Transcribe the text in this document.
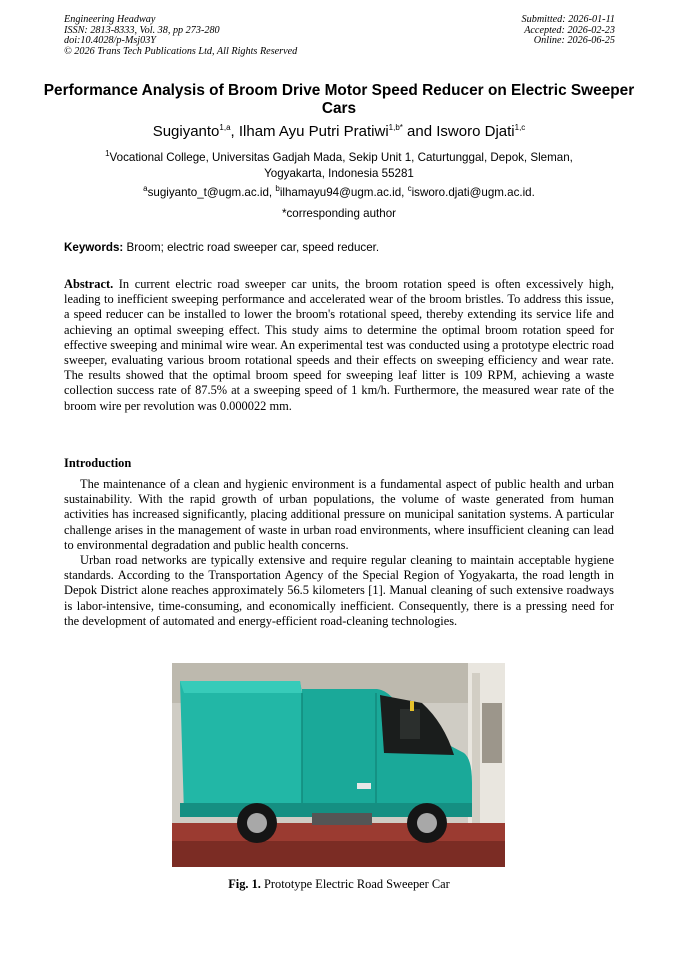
Engineering Headway
ISSN: 2813-8333, Vol. 38, pp 273-280
doi:10.4028/p-Msj03Y
© 2026 Trans Tech Publications Ltd, All Rights Reserved
Submitted: 2026-01-11
Accepted: 2026-02-23
Online: 2026-06-25
Performance Analysis of Broom Drive Motor Speed Reducer on Electric Sweeper Cars
Sugiyanto$^{1,a}$, Ilham Ayu Putri Pratiwi$^{1,b*}$ and Isworo Djati$^{1,c}$
$^1$Vocational College, Universitas Gadjah Mada, Sekip Unit 1, Caturtunggal, Depok, Sleman, Yogyakarta, Indonesia 55281
$^a$sugiyanto_t@ugm.ac.id, $^b$ilhamayu94@ugm.ac.id, $^c$isworo.djati@ugm.ac.id.
*corresponding author
Keywords: Broom; electric road sweeper car, speed reducer.
Abstract. In current electric road sweeper car units, the broom rotation speed is often excessively high, leading to inefficient sweeping performance and accelerated wear of the broom bristles. To address this issue, a speed reducer can be installed to lower the broom's rotational speed, thereby extending its service life and achieving an optimal sweeping effect. This study aims to determine the optimal broom rotation speed for effective sweeping and minimal wire wear. An experimental test was conducted using a prototype electric road sweeper, evaluating various broom rotational speeds and their effects on sweeping efficiency and wear rate. The results showed that the optimal broom speed for sweeping leaf litter is 109 RPM, achieving a waste collection success rate of 87.5% at a sweeping speed of 1 km/h. Furthermore, the measured wear rate of the broom wire per revolution was 0.000022 mm.
Introduction

The maintenance of a clean and hygienic environment is a fundamental aspect of public health and urban sustainability. With the rapid growth of urban populations, the volume of waste generated from human activities has increased significantly, placing additional pressure on municipal sanitation systems. A particular challenge arises in the management of waste in urban road environments, where insufficient cleaning can lead to environmental degradation and public health concerns.

Urban road networks are typically extensive and require regular cleaning to maintain acceptable hygiene standards. According to the Transportation Agency of the Special Region of Yogyakarta, the road length in Depok District alone reaches approximately 56.5 kilometers [1]. Manual cleaning of such extensive roadways is labor-intensive, time-consuming, and economically inefficient. Consequently, there is a pressing need for the development of automated and energy-efficient road-cleaning technologies.

Fig. 1. Prototype Electric Road Sweeper Car
